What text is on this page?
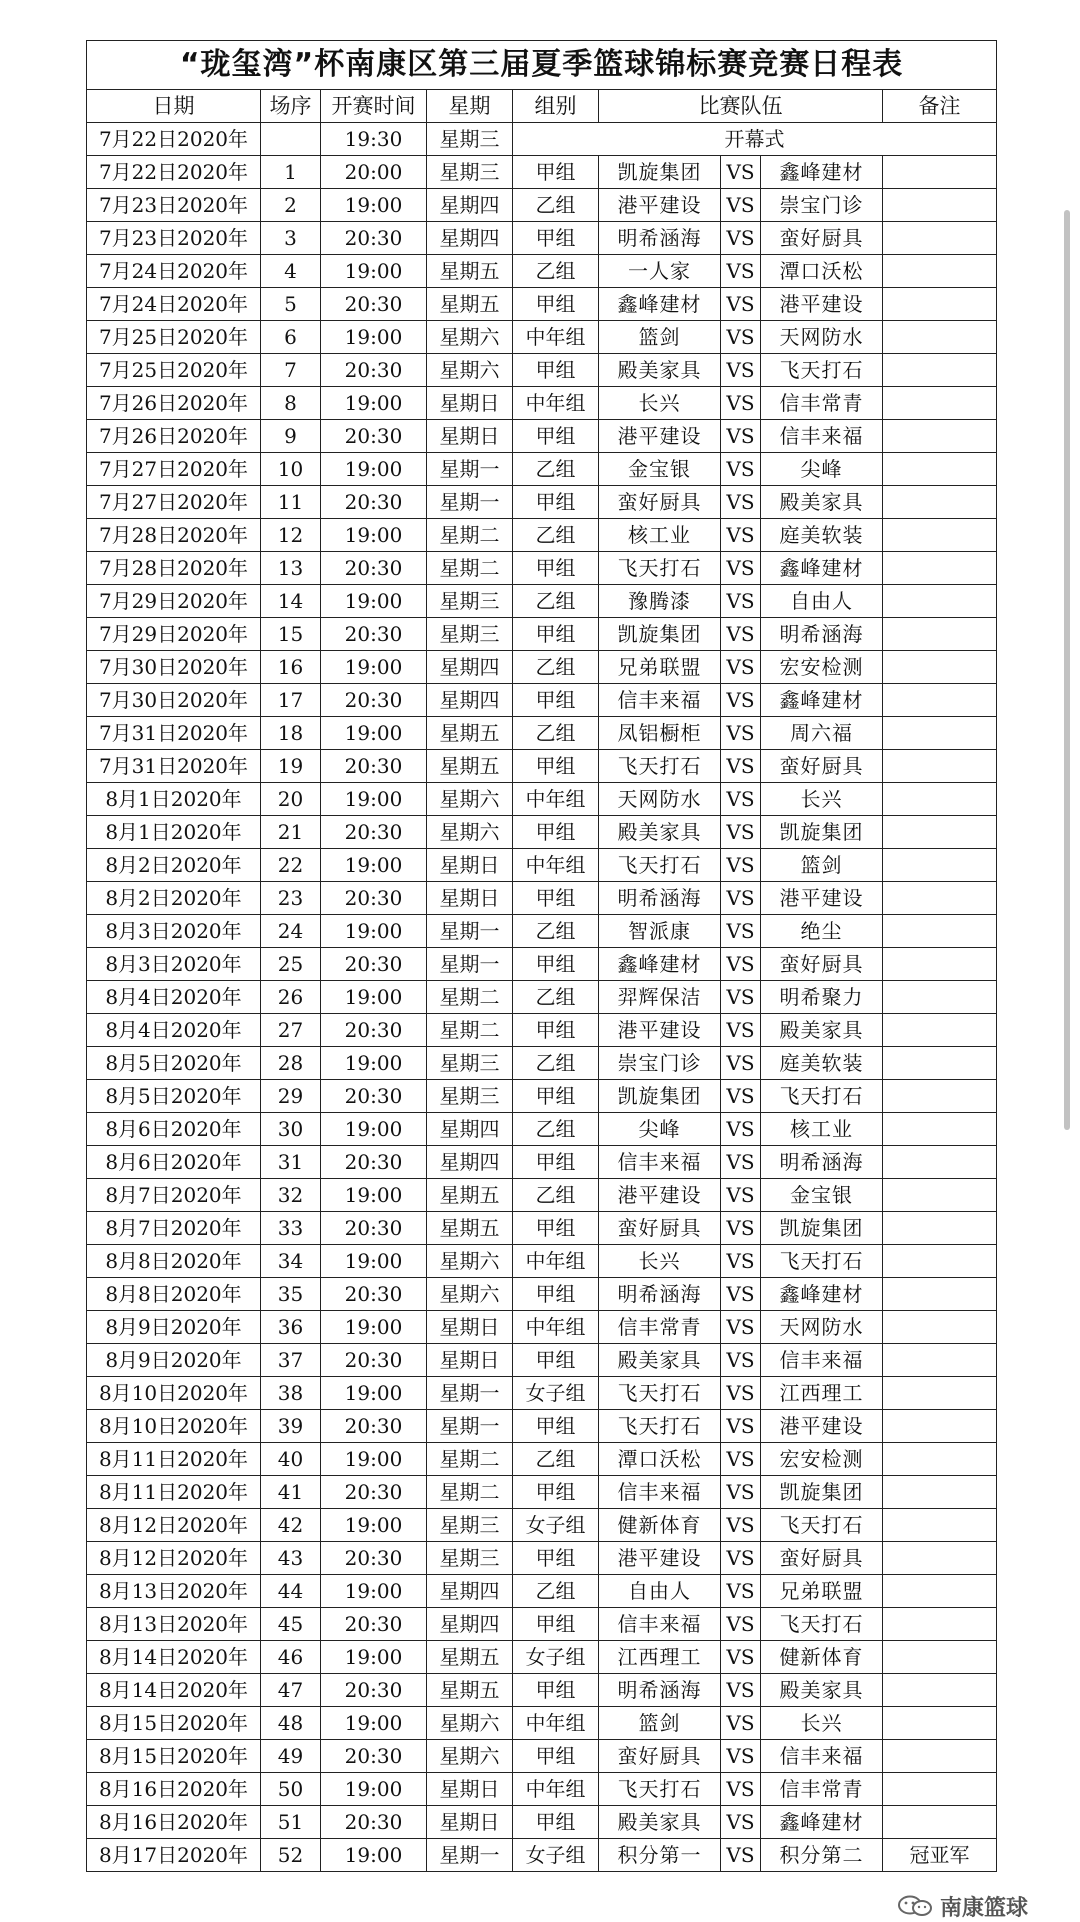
“珑玺湾”杯南康区第三届夏季篮球锦标赛竞赛日程表								
日期	场序	开赛时间	星期	组别	比赛队伍			备注
7月22日2020年		19:30	星期三	开幕式				
7月22日2020年	1	20:00	星期三	甲组	凯旋集团	VS	鑫峰建材	
7月23日2020年	2	19:00	星期四	乙组	港平建设	VS	崇宝门诊	
7月23日2020年	3	20:30	星期四	甲组	明希涵海	VS	蛮好厨具	
7月24日2020年	4	19:00	星期五	乙组	一人家	VS	潭口沃松	
7月24日2020年	5	20:30	星期五	甲组	鑫峰建材	VS	港平建设	
7月25日2020年	6	19:00	星期六	中年组	篮剑	VS	天网防水	
7月25日2020年	7	20:30	星期六	甲组	殿美家具	VS	飞天打石	
7月26日2020年	8	19:00	星期日	中年组	长兴	VS	信丰常青	
7月26日2020年	9	20:30	星期日	甲组	港平建设	VS	信丰来福	
7月27日2020年	10	19:00	星期一	乙组	金宝银	VS	尖峰	
7月27日2020年	11	20:30	星期一	甲组	蛮好厨具	VS	殿美家具	
7月28日2020年	12	19:00	星期二	乙组	核工业	VS	庭美软装	
7月28日2020年	13	20:30	星期二	甲组	飞天打石	VS	鑫峰建材	
7月29日2020年	14	19:00	星期三	乙组	豫腾漆	VS	自由人	
7月29日2020年	15	20:30	星期三	甲组	凯旋集团	VS	明希涵海	
7月30日2020年	16	19:00	星期四	乙组	兄弟联盟	VS	宏安检测	
7月30日2020年	17	20:30	星期四	甲组	信丰来福	VS	鑫峰建材	
7月31日2020年	18	19:00	星期五	乙组	凤铝橱柜	VS	周六福	
7月31日2020年	19	20:30	星期五	甲组	飞天打石	VS	蛮好厨具	
8月1日2020年	20	19:00	星期六	中年组	天网防水	VS	长兴	
8月1日2020年	21	20:30	星期六	甲组	殿美家具	VS	凯旋集团	
8月2日2020年	22	19:00	星期日	中年组	飞天打石	VS	篮剑	
8月2日2020年	23	20:30	星期日	甲组	明希涵海	VS	港平建设	
8月3日2020年	24	19:00	星期一	乙组	智派康	VS	绝尘	
8月3日2020年	25	20:30	星期一	甲组	鑫峰建材	VS	蛮好厨具	
8月4日2020年	26	19:00	星期二	乙组	羿辉保洁	VS	明希聚力	
8月4日2020年	27	20:30	星期二	甲组	港平建设	VS	殿美家具	
8月5日2020年	28	19:00	星期三	乙组	崇宝门诊	VS	庭美软装	
8月5日2020年	29	20:30	星期三	甲组	凯旋集团	VS	飞天打石	
8月6日2020年	30	19:00	星期四	乙组	尖峰	VS	核工业	
8月6日2020年	31	20:30	星期四	甲组	信丰来福	VS	明希涵海	
8月7日2020年	32	19:00	星期五	乙组	港平建设	VS	金宝银	
8月7日2020年	33	20:30	星期五	甲组	蛮好厨具	VS	凯旋集团	
8月8日2020年	34	19:00	星期六	中年组	长兴	VS	飞天打石	
8月8日2020年	35	20:30	星期六	甲组	明希涵海	VS	鑫峰建材	
8月9日2020年	36	19:00	星期日	中年组	信丰常青	VS	天网防水	
8月9日2020年	37	20:30	星期日	甲组	殿美家具	VS	信丰来福	
8月10日2020年	38	19:00	星期一	女子组	飞天打石	VS	江西理工	
8月10日2020年	39	20:30	星期一	甲组	飞天打石	VS	港平建设	
8月11日2020年	40	19:00	星期二	乙组	潭口沃松	VS	宏安检测	
8月11日2020年	41	20:30	星期二	甲组	信丰来福	VS	凯旋集团	
8月12日2020年	42	19:00	星期三	女子组	健新体育	VS	飞天打石	
8月12日2020年	43	20:30	星期三	甲组	港平建设	VS	蛮好厨具	
8月13日2020年	44	19:00	星期四	乙组	自由人	VS	兄弟联盟	
8月13日2020年	45	20:30	星期四	甲组	信丰来福	VS	飞天打石	
8月14日2020年	46	19:00	星期五	女子组	江西理工	VS	健新体育	
8月14日2020年	47	20:30	星期五	甲组	明希涵海	VS	殿美家具	
8月15日2020年	48	19:00	星期六	中年组	篮剑	VS	长兴	
8月15日2020年	49	20:30	星期六	甲组	蛮好厨具	VS	信丰来福	
8月16日2020年	50	19:00	星期日	中年组	飞天打石	VS	信丰常青	
8月16日2020年	51	20:30	星期日	甲组	殿美家具	VS	鑫峰建材	
8月17日2020年	52	19:00	星期一	女子组	积分第一	VS	积分第二	冠亚军
南康篮球
